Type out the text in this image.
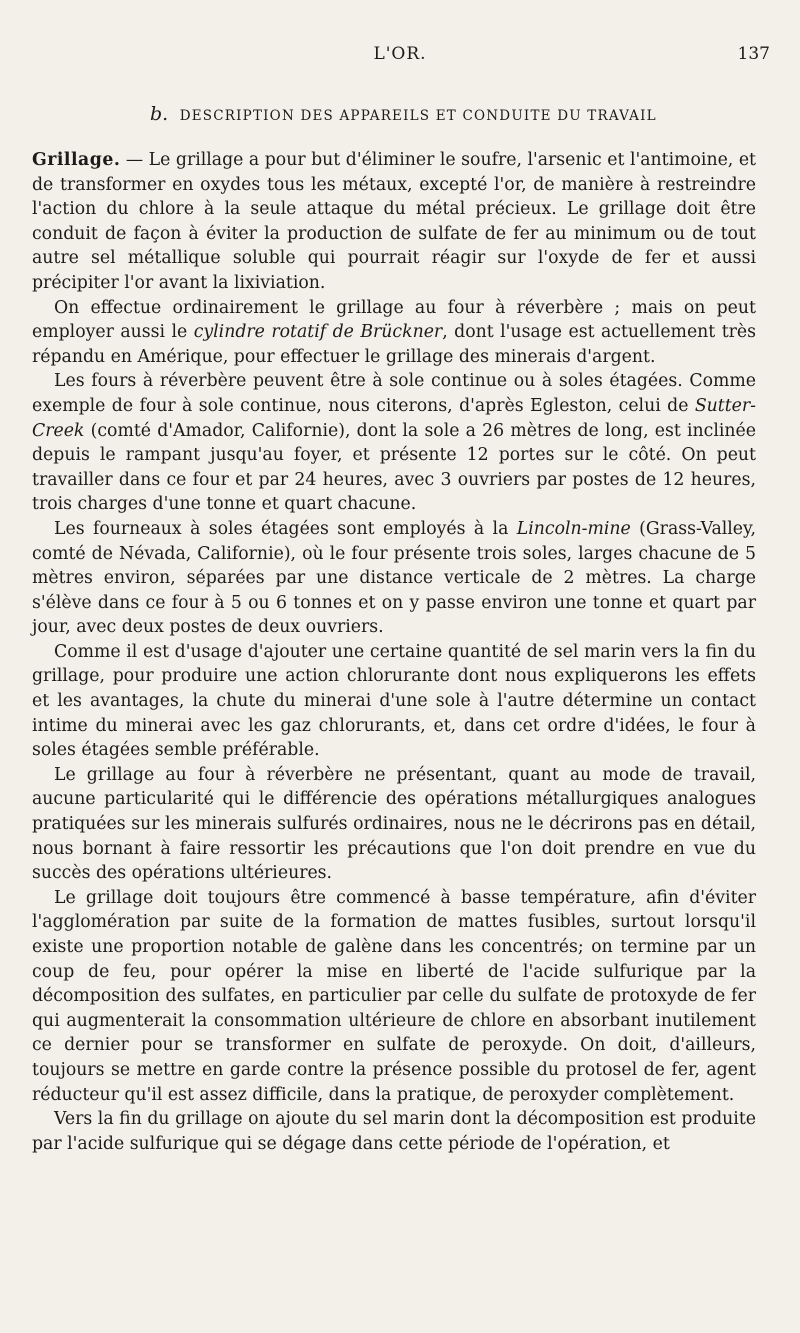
L'OR.	137
b. DESCRIPTION DES APPAREILS ET CONDUITE DU TRAVAIL

Grillage. — Le grillage a pour but d'éliminer le soufre, l'arsenic et l'antimoine, et de transformer en oxydes tous les métaux, excepté l'or, de manière à restreindre l'action du chlore à la seule attaque du métal précieux. Le grillage doit être conduit de façon à éviter la production de sulfate de fer au minimum ou de tout autre sel métallique soluble qui pourrait réagir sur l'oxyde de fer et aussi précipiter l'or avant la lixiviation.

On effectue ordinairement le grillage au four à réverbère ; mais on peut employer aussi le cylindre rotatif de Brückner, dont l'usage est actuellement très répandu en Amérique, pour effectuer le grillage des minerais d'argent.

Les fours à réverbère peuvent être à sole continue ou à soles étagées. Comme exemple de four à sole continue, nous citerons, d'après Egleston, celui de Sutter-Creek (comté d'Amador, Californie), dont la sole a 26 mètres de long, est inclinée depuis le rampant jusqu'au foyer, et présente 12 portes sur le côté. On peut travailler dans ce four et par 24 heures, avec 3 ouvriers par postes de 12 heures, trois charges d'une tonne et quart chacune.

Les fourneaux à soles étagées sont employés à la Lincoln-mine (Grass-Valley, comté de Névada, Californie), où le four présente trois soles, larges chacune de 5 mètres environ, séparées par une distance verticale de 2 mètres. La charge s'élève dans ce four à 5 ou 6 tonnes et on y passe environ une tonne et quart par jour, avec deux postes de deux ouvriers.

Comme il est d'usage d'ajouter une certaine quantité de sel marin vers la fin du grillage, pour produire une action chlorurante dont nous expliquerons les effets et les avantages, la chute du minerai d'une sole à l'autre détermine un contact intime du minerai avec les gaz chlorurants, et, dans cet ordre d'idées, le four à soles étagées semble préférable.

Le grillage au four à réverbère ne présentant, quant au mode de travail, aucune particularité qui le différencie des opérations métallurgiques analogues pratiquées sur les minerais sulfurés ordinaires, nous ne le décrirons pas en détail, nous bornant à faire ressortir les précautions que l'on doit prendre en vue du succès des opérations ultérieures.

Le grillage doit toujours être commencé à basse température, afin d'éviter l'agglomération par suite de la formation de mattes fusibles, surtout lorsqu'il existe une proportion notable de galène dans les concentrés; on termine par un coup de feu, pour opérer la mise en liberté de l'acide sulfurique par la décomposition des sulfates, en particulier par celle du sulfate de protoxyde de fer qui augmenterait la consommation ultérieure de chlore en absorbant inutilement ce dernier pour se transformer en sulfate de peroxyde. On doit, d'ailleurs, toujours se mettre en garde contre la présence possible du protosel de fer, agent réducteur qu'il est assez difficile, dans la pratique, de peroxyder complètement.

Vers la fin du grillage on ajoute du sel marin dont la décomposition est produite par l'acide sulfurique qui se dégage dans cette période de l'opération, et
